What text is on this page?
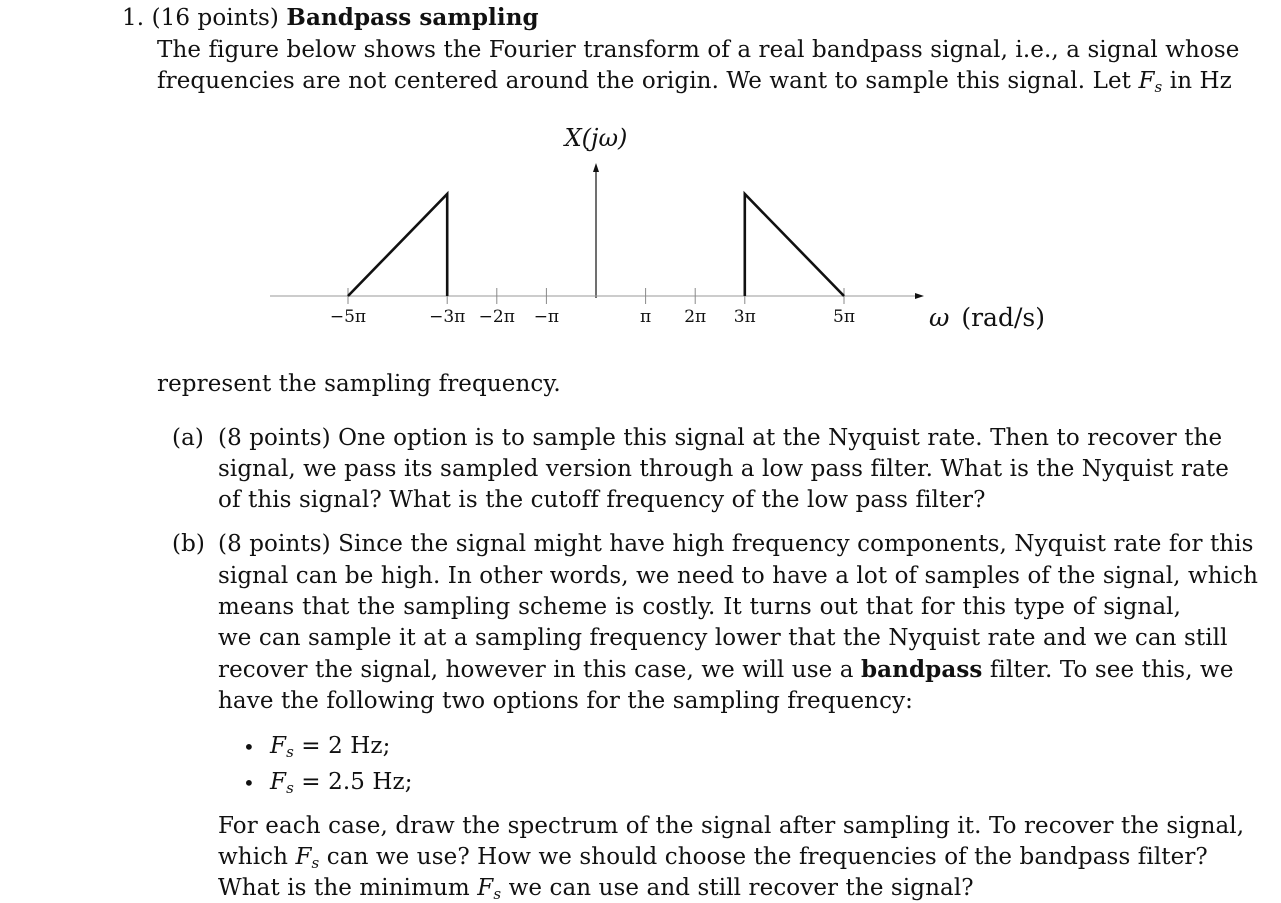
1. (16 points) Bandpass sampling
The figure below shows the Fourier transform of a real bandpass signal, i.e., a signal whose
frequencies are not centered around the origin. We want to sample this signal. Let $F_s$ in Hz
X(jω)
ω (rad/s)
−5π	−3π −2π −π	π 2π 3π	5π
represent the sampling frequency.
(a) (8 points) One option is to sample this signal at the Nyquist rate. Then to recover the
signal, we pass its sampled version through a low pass filter. What is the Nyquist rate
of this signal? What is the cutoff frequency of the low pass filter?
(b) (8 points) Since the signal might have high frequency components, Nyquist rate for this
signal can be high. In other words, we need to have a lot of samples of the signal, which
means that the sampling scheme is costly. It turns out that for this type of signal,
we can sample it at a sampling frequency lower that the Nyquist rate and we can still
recover the signal, however in this case, we will use a bandpass filter. To see this, we
have the following two options for the sampling frequency:
• $F_s = 2$ Hz;
• $F_s = 2.5$ Hz;
For each case, draw the spectrum of the signal after sampling it. To recover the signal,
which $F_s$ can we use? How we should choose the frequencies of the bandpass filter?
What is the minimum $F_s$ we can use and still recover the signal?
